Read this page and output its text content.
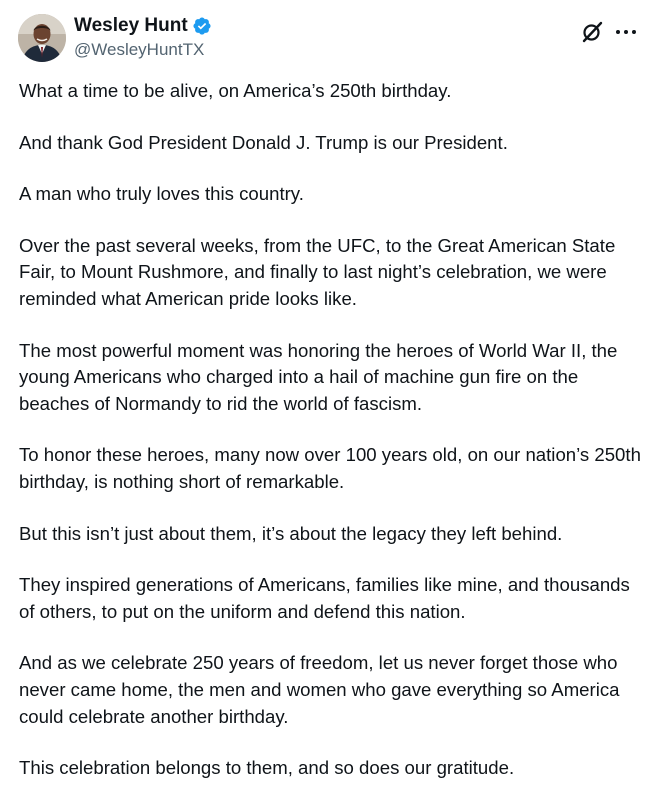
Wesley Hunt
@WesleyHuntTX

What a time to be alive, on America’s 250th birthday.

And thank God President Donald J. Trump is our President.

A man who truly loves this country.

Over the past several weeks, from the UFC, to the Great American State Fair, to Mount Rushmore, and finally to last night’s celebration, we were reminded what American pride looks like.

The most powerful moment was honoring the heroes of World War II, the young Americans who charged into a hail of machine gun fire on the beaches of Normandy to rid the world of fascism.

To honor these heroes, many now over 100 years old, on our nation’s 250th birthday, is nothing short of remarkable.

But this isn’t just about them, it’s about the legacy they left behind.

They inspired generations of Americans, families like mine, and thousands of others, to put on the uniform and defend this nation.

And as we celebrate 250 years of freedom, let us never forget those who never came home, the men and women who gave everything so America could celebrate another birthday.

This celebration belongs to them, and so does our gratitude.
